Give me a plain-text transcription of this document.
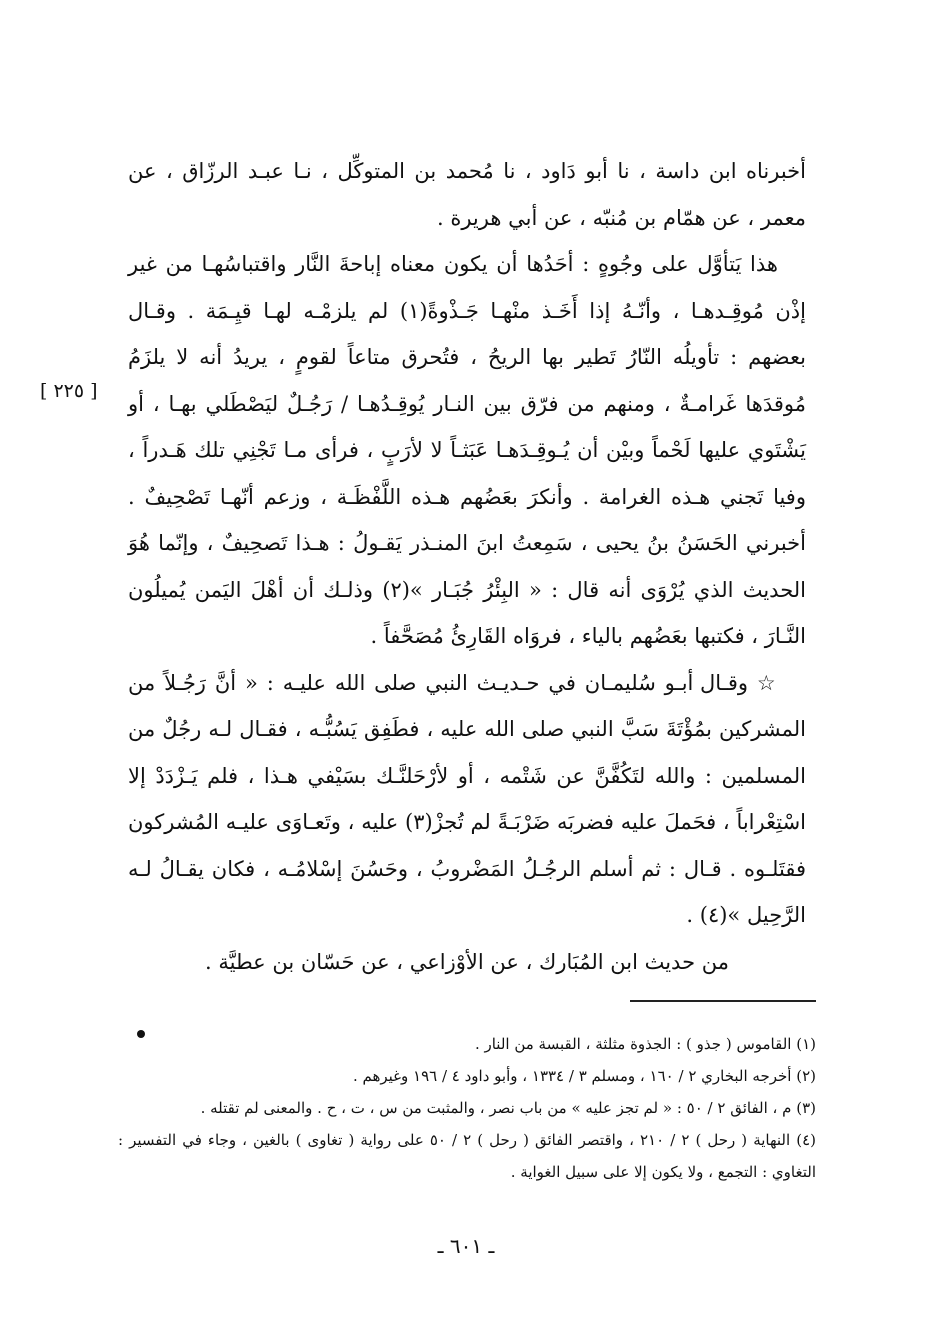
[ ٢٢٥ ]

أخبرناه ابن داسة ، نا أبو دَاود ، نا مُحمد بن المتوكِّل ، نـا عبـد الرزّاق ، عن معمر ، عن همّام بن مُنبّه ، عن أبي هريرة .

هذا يَتأوَّل على وجُوهٍ : أحَدُها أن يكون معناه إباحةَ النَّار واقتباسُهـا من غير إذْن مُوقِـدهـا ، وأنّـهُ إذا أَخَـذ منْهـا جَـذْوةً(١) لم يلزمْـه لهـا قيِـمَة . وقـال بعضهم : تأويلُه النّارُ تَطير بها الريحُ ، فتُحرق متاعاً لقومٍ ، يريدُ أنه لا يلزَمُ مُوقدَها غَرامـةٌ ، ومنهم من فرّق بين النـار يُوقِـدُهـا / رَجُـلٌ ليَصْطَلي بهـا ، أو يَشْتَوي عليها لَحْماً وبيْن أن يُـوقِـدَهـا عَبَثـاً لا لأرَبٍ ، فرأى مـا تَجْنِي تلك هَـدراً ، وفيا تَجني هـذه الغرامة . وأنكرَ بعَضُهم هـذه اللَّفْظَـة ، وزعم أنّهـا تَصْحِيفٌ . أخبرني الحَسَنُ بنُ يحيى ، سَمِعتُ ابنَ المنـذر يَقـولُ : هـذا تَصحِيفٌ ، وإنّما هُوَ الحديث الذي يُرْوَى أنه قال : « البِئْرُ جُبَـار »(٢) وذلـك أن أهْلَ اليَمن يُميلُون النَّـارَ ، فكتبها بعَضُهم بالياء ، فروَاه القَارِئُ مُصَحَّفاً .

☆ وقـال أبـو سُليمـان في حـديـث النبي صلى الله عليـه : « أنَّ رَجُـلاً من المشركين بمُؤْتَةَ سَبَّ النبي صلى الله عليه ، فطَفِق يَسُبُّـه ، فقـال لـه رجُلٌ من المسلمين : والله لتَكُفَّنَّ عن شَتْمه ، أو لأرْحَلنَّـك بسَيْفي هـذا ، فلم يَـزْدَدْ إلا اسْتِعْراباً ، فحَملَ عليه فضربَه ضَرْبَـةً لم تُجزْ(٣) عليه ، وتَعـاوَى عليـه المُشركون فقتَلـوه . قـال : ثم أسلم الرجُـلُ المَضْروبُ ، وحَسُنَ إسْلامُـه ، فكان يقـالُ لـه الرَّحِيل »(٤) .

من حديث ابن المُبَارك ، عن الأوْزاعي ، عن حَسّان بن عطيَّة .

(١) القاموس ( جذو ) : الجذوة مثلثة ، القبسة من النار .

(٢) أخرجه البخاري ٢ / ١٦٠ ، ومسلم ٣ / ١٣٣٤ ، وأبو داود ٤ / ١٩٦ وغيرهم .

(٣) م ، الفائق ٢ / ٥٠ : « لم تجز عليه » من باب نصر ، والمثبت من س ، ت ، ح . والمعنى لم تقتله .

(٤) النهاية ( رحل ) ٢ / ٢١٠ ، واقتصر الفائق ( رحل ) ٢ / ٥٠ على رواية ( تغاوى ) بالغين ، وجاء في التفسير : التغاوي : التجمع ، ولا يكون إلا على سبيل الغواية .

ـ ٦٠١ ـ
